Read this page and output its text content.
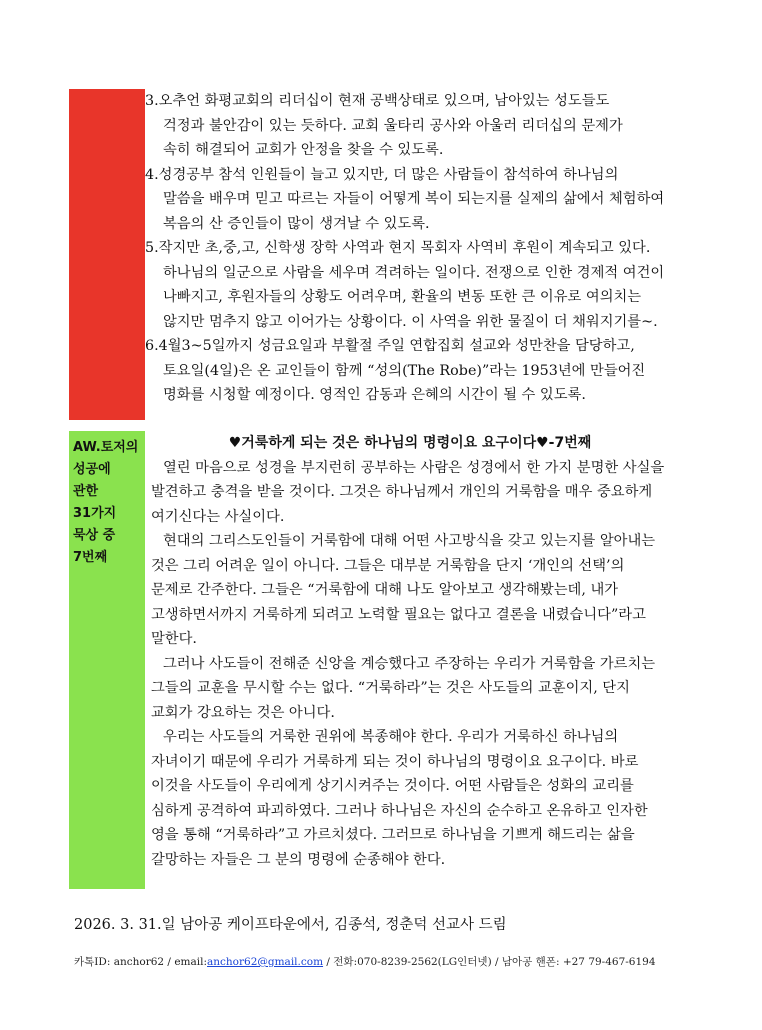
3.오추언 화평교회의 리더십이 현재 공백상태로 있으며, 남아있는 성도들도
걱정과 불안감이 있는 듯하다. 교회 울타리 공사와 아울러 리더십의 문제가
속히 해결되어 교회가 안정을 찾을 수 있도록.
4.성경공부 참석 인원들이 늘고 있지만, 더 많은 사람들이 참석하여 하나님의
말씀을 배우며 믿고 따르는 자들이 어떻게 복이 되는지를 실제의 삶에서 체험하여
복음의 산 증인들이 많이 생겨날 수 있도록.
5.작지만 초,중,고, 신학생 장학 사역과 현지 목회자 사역비 후원이 계속되고 있다.
하나님의 일군으로 사람을 세우며 격려하는 일이다. 전쟁으로 인한 경제적 여건이
나빠지고, 후원자들의 상황도 어려우며, 환율의 변동 또한 큰 이유로 여의치는
않지만 멈추지 않고 이어가는 상황이다. 이 사역을 위한 물질이 더 채워지기를~.
6.4월3~5일까지 성금요일과 부활절 주일 연합집회 설교와 성만찬을 담당하고,
토요일(4일)은 온 교인들이 함께 “성의(The Robe)”라는 1953년에 만들어진
명화를 시청할 예정이다. 영적인 감동과 은혜의 시간이 될 수 있도록.
AW.토저의
성공에
관한
31가지
묵상 중
7번째
♥거룩하게 되는 것은 하나님의 명령이요 요구이다♥-7번째
열린 마음으로 성경을 부지런히 공부하는 사람은 성경에서 한 가지 분명한 사실을
발견하고 충격을 받을 것이다. 그것은 하나님께서 개인의 거룩함을 매우 중요하게
여기신다는 사실이다.
현대의 그리스도인들이 거룩함에 대해 어떤 사고방식을 갖고 있는지를 알아내는
것은 그리 어려운 일이 아니다. 그들은 대부분 거룩함을 단지 ‘개인의 선택’의
문제로 간주한다. 그들은 “거룩함에 대해 나도 알아보고 생각해봤는데, 내가
고생하면서까지 거룩하게 되려고 노력할 필요는 없다고 결론을 내렸습니다”라고
말한다.
그러나 사도들이 전해준 신앙을 계승했다고 주장하는 우리가 거룩함을 가르치는
그들의 교훈을 무시할 수는 없다. “거룩하라”는 것은 사도들의 교훈이지, 단지
교회가 강요하는 것은 아니다.
우리는 사도들의 거룩한 권위에 복종해야 한다. 우리가 거룩하신 하나님의
자녀이기 때문에 우리가 거룩하게 되는 것이 하나님의 명령이요 요구이다. 바로
이것을 사도들이 우리에게 상기시켜주는 것이다. 어떤 사람들은 성화의 교리를
심하게 공격하여 파괴하였다. 그러나 하나님은 자신의 순수하고 온유하고 인자한
영을 통해 “거룩하라”고 가르치셨다. 그러므로 하나님을 기쁘게 해드리는 삶을
갈망하는 자들은 그 분의 명령에 순종해야 한다.
2026. 3. 31.일 남아공 케이프타운에서, 김종석, 정춘덕 선교사 드림
카톡ID: anchor62 / email:anchor62@gmail.com / 전화:070-8239-2562(LG인터넷) / 남아공 핸폰: +27 79-467-6194
